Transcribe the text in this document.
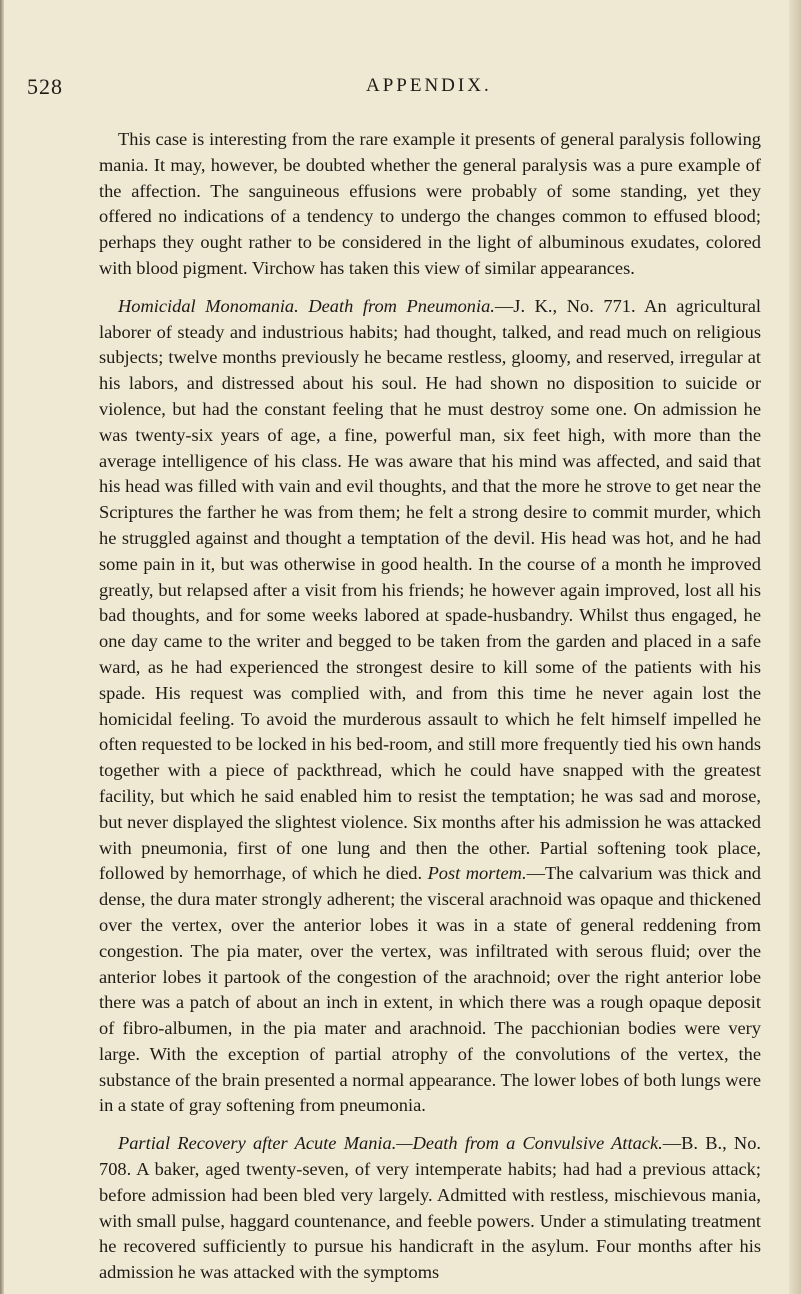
528	APPENDIX.

This case is interesting from the rare example it presents of general paralysis following mania. It may, however, be doubted whether the general paralysis was a pure example of the affection. The sanguineous effusions were probably of some standing, yet they offered no indications of a tendency to undergo the changes common to effused blood; perhaps they ought rather to be considered in the light of albuminous exudates, colored with blood pigment. Virchow has taken this view of similar appearances.

Homicidal Monomania. Death from Pneumonia.—J. K., No. 771. An agricultural laborer of steady and industrious habits; had thought, talked, and read much on religious subjects; twelve months previously he became restless, gloomy, and reserved, irregular at his labors, and distressed about his soul. He had shown no disposition to suicide or violence, but had the constant feeling that he must destroy some one. On admission he was twenty-six years of age, a fine, powerful man, six feet high, with more than the average intelligence of his class. He was aware that his mind was affected, and said that his head was filled with vain and evil thoughts, and that the more he strove to get near the Scriptures the farther he was from them; he felt a strong desire to commit murder, which he struggled against and thought a temptation of the devil. His head was hot, and he had some pain in it, but was otherwise in good health. In the course of a month he improved greatly, but relapsed after a visit from his friends; he however again improved, lost all his bad thoughts, and for some weeks labored at spade-husbandry. Whilst thus engaged, he one day came to the writer and begged to be taken from the garden and placed in a safe ward, as he had experienced the strongest desire to kill some of the patients with his spade. His request was complied with, and from this time he never again lost the homicidal feeling. To avoid the murderous assault to which he felt himself impelled he often requested to be locked in his bed-room, and still more frequently tied his own hands together with a piece of packthread, which he could have snapped with the greatest facility, but which he said enabled him to resist the temptation; he was sad and morose, but never displayed the slightest violence. Six months after his admission he was attacked with pneumonia, first of one lung and then the other. Partial softening took place, followed by hemorrhage, of which he died. Post mortem.—The calvarium was thick and dense, the dura mater strongly adherent; the visceral arachnoid was opaque and thickened over the vertex, over the anterior lobes it was in a state of general reddening from congestion. The pia mater, over the vertex, was infiltrated with serous fluid; over the anterior lobes it partook of the congestion of the arachnoid; over the right anterior lobe there was a patch of about an inch in extent, in which there was a rough opaque deposit of fibro-albumen, in the pia mater and arachnoid. The pacchionian bodies were very large. With the exception of partial atrophy of the convolutions of the vertex, the substance of the brain presented a normal appearance. The lower lobes of both lungs were in a state of gray softening from pneumonia.

Partial Recovery after Acute Mania.—Death from a Convulsive Attack.—B. B., No. 708. A baker, aged twenty-seven, of very intemperate habits; had had a previous attack; before admission had been bled very largely. Admitted with restless, mischievous mania, with small pulse, haggard countenance, and feeble powers. Under a stimulating treatment he recovered sufficiently to pursue his handicraft in the asylum. Four months after his admission he was attacked with the symptoms
